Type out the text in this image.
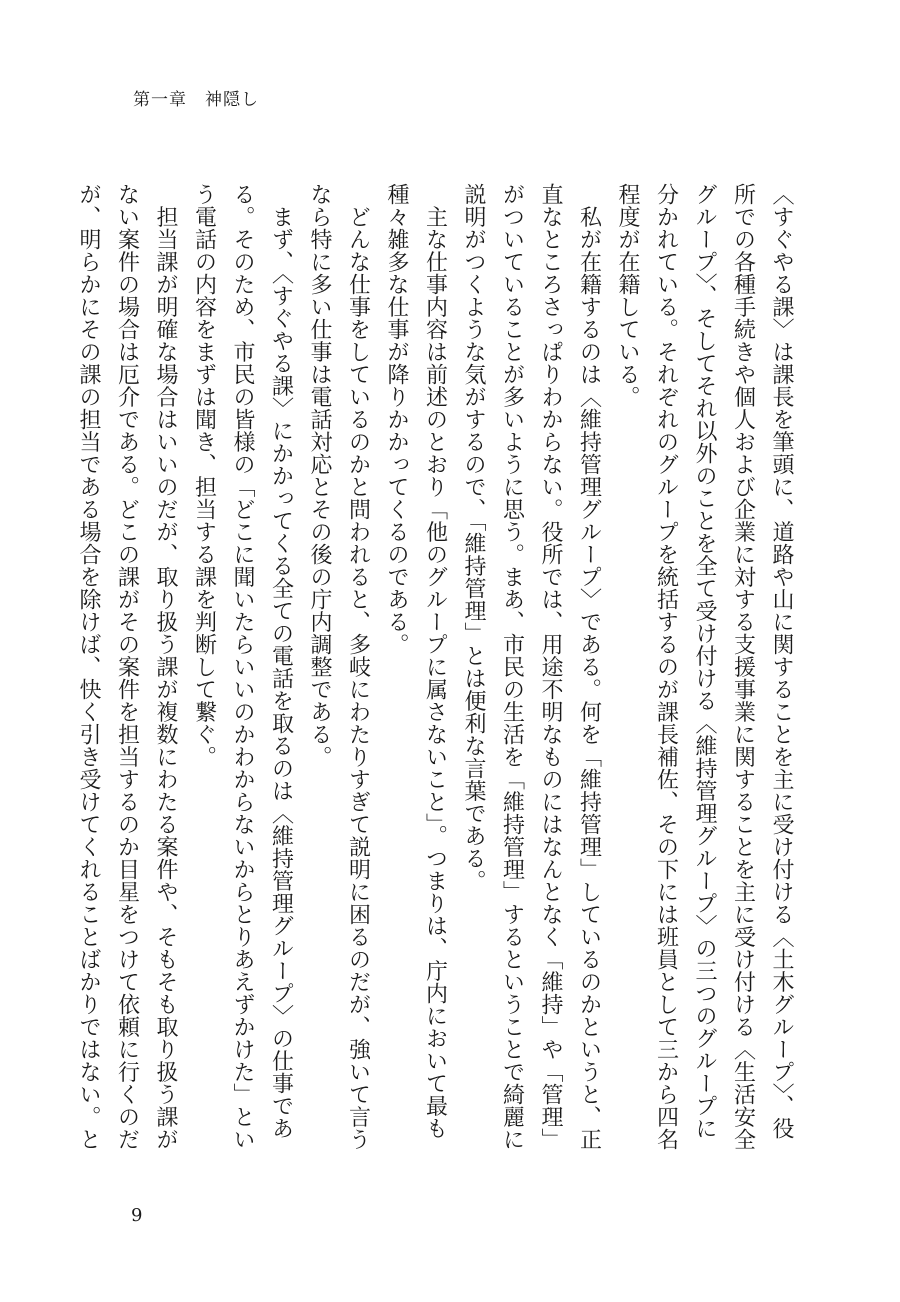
第一章　神隠し

〈すぐやる課〉は課長を筆頭に、道路や山に関することを主に受け付ける〈土木グループ〉、役所での各種手続きや個人および企業に対する支援事業に関することを主に受け付ける〈生活安全グループ〉、そしてそれ以外のことを全て受け付ける〈維持管理グループ〉の三つのグループに分かれている。それぞれのグループを統括するのが課長補佐、その下には班員として三から四名程度が在籍している。

　私が在籍するのは〈維持管理グループ〉である。何を「維持管理」しているのかというと、正直なところさっぱりわからない。役所では、用途不明なものにはなんとなく「維持」や「管理」がついていることが多いように思う。まあ、市民の生活を「維持管理」するということで綺麗に説明がつくような気がするので、「維持管理」とは便利な言葉である。

　主な仕事内容は前述のとおり「他のグループに属さないこと」。つまりは、庁内において最も種々雑多な仕事が降りかかってくるのである。

　どんな仕事をしているのかと問われると、多岐にわたりすぎて説明に困るのだが、強いて言うなら特に多い仕事は電話対応とその後の庁内調整である。

　まず、〈すぐやる課〉にかかってくる全ての電話を取るのは〈維持管理グループ〉の仕事である。そのため、市民の皆様の「どこに聞いたらいいのかわからないからとりあえずかけた」という電話の内容をまずは聞き、担当する課を判断して繋ぐ。

　担当課が明確な場合はいいのだが、取り扱う課が複数にわたる案件や、そもそも取り扱う課がない案件の場合は厄介である。どこの課がその案件を担当するのか目星をつけて依頼に行くのだが、明らかにその課の担当である場合を除けば、快く引き受けてくれることばかりではない。と

9
